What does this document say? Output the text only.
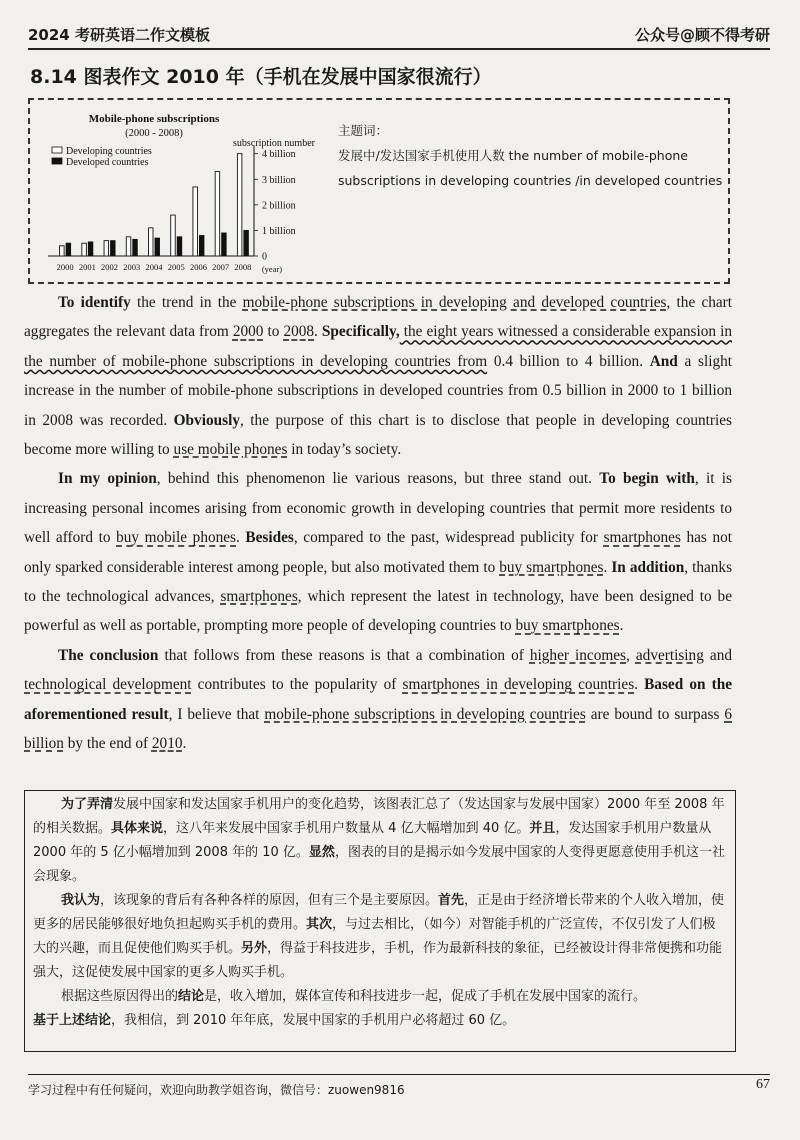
2024 考研英语二作文模板	公众号@顾不得考研
8.14 图表作文 2010 年（手机在发展中国家很流行）
Mobile-phone subscriptions
(2000 - 2008)
subscription number
Developing countries
Developed countries
0
1 billion
2 billion
3 billion
4 billion
2000 2001 2002 2003 2004 2005 2006 2007 2008 (year)
主题词：
发展中/发达国家手机使用人数 the number of mobile-phone
subscriptions in developing countries /in developed countries

To identify the trend in the mobile-phone subscriptions in developing and developed countries, the chart aggregates the relevant data from 2000 to 2008. Specifically, the eight years witnessed a considerable expansion in the number of mobile-phone subscriptions in developing countries from 0.4 billion to 4 billion. And a slight increase in the number of mobile-phone subscriptions in developed countries from 0.5 billion in 2000 to 1 billion in 2008 was recorded. Obviously, the purpose of this chart is to disclose that people in developing countries become more willing to use mobile phones in today’s society.

In my opinion, behind this phenomenon lie various reasons, but three stand out. To begin with, it is increasing personal incomes arising from economic growth in developing countries that permit more residents to well afford to buy mobile phones. Besides, compared to the past, widespread publicity for smartphones has not only sparked considerable interest among people, but also motivated them to buy smartphones. In addition, thanks to the technological advances, smartphones, which represent the latest in technology, have been designed to be powerful as well as portable, prompting more people of developing countries to buy smartphones.

The conclusion that follows from these reasons is that a combination of higher incomes, advertising and technological development contributes to the popularity of smartphones in developing countries. Based on the aforementioned result, I believe that mobile-phone subscriptions in developing countries are bound to surpass 6 billion by the end of 2010.

为了弄清发展中国家和发达国家手机用户的变化趋势，该图表汇总了（发达国家与发展中国家）2000 年至 2008 年的相关数据。具体来说，这八年来发展中国家手机用户数量从 4 亿大幅增加到 40 亿。并且，发达国家手机用户数量从 2000 年的 5 亿小幅增加到 2008 年的 10 亿。显然，图表的目的是揭示如今发展中国家的人变得更愿意使用手机这一社会现象。

我认为，该现象的背后有各种各样的原因，但有三个是主要原因。首先，正是由于经济增长带来的个人收入增加，使更多的居民能够很好地负担起购买手机的费用。其次，与过去相比，（如今）对智能手机的广泛宣传，不仅引发了人们极大的兴趣，而且促使他们购买手机。另外，得益于科技进步，手机，作为最新科技的象征，已经被设计得非常便携和功能强大，这促使发展中国家的更多人购买手机。

根据这些原因得出的结论是，收入增加，媒体宣传和科技进步一起，促成了手机在发展中国家的流行。

基于上述结论，我相信，到 2010 年年底，发展中国家的手机用户必将超过 60 亿。

学习过程中有任何疑问，欢迎向助教学姐咨询，微信号：zuowen9816	67
